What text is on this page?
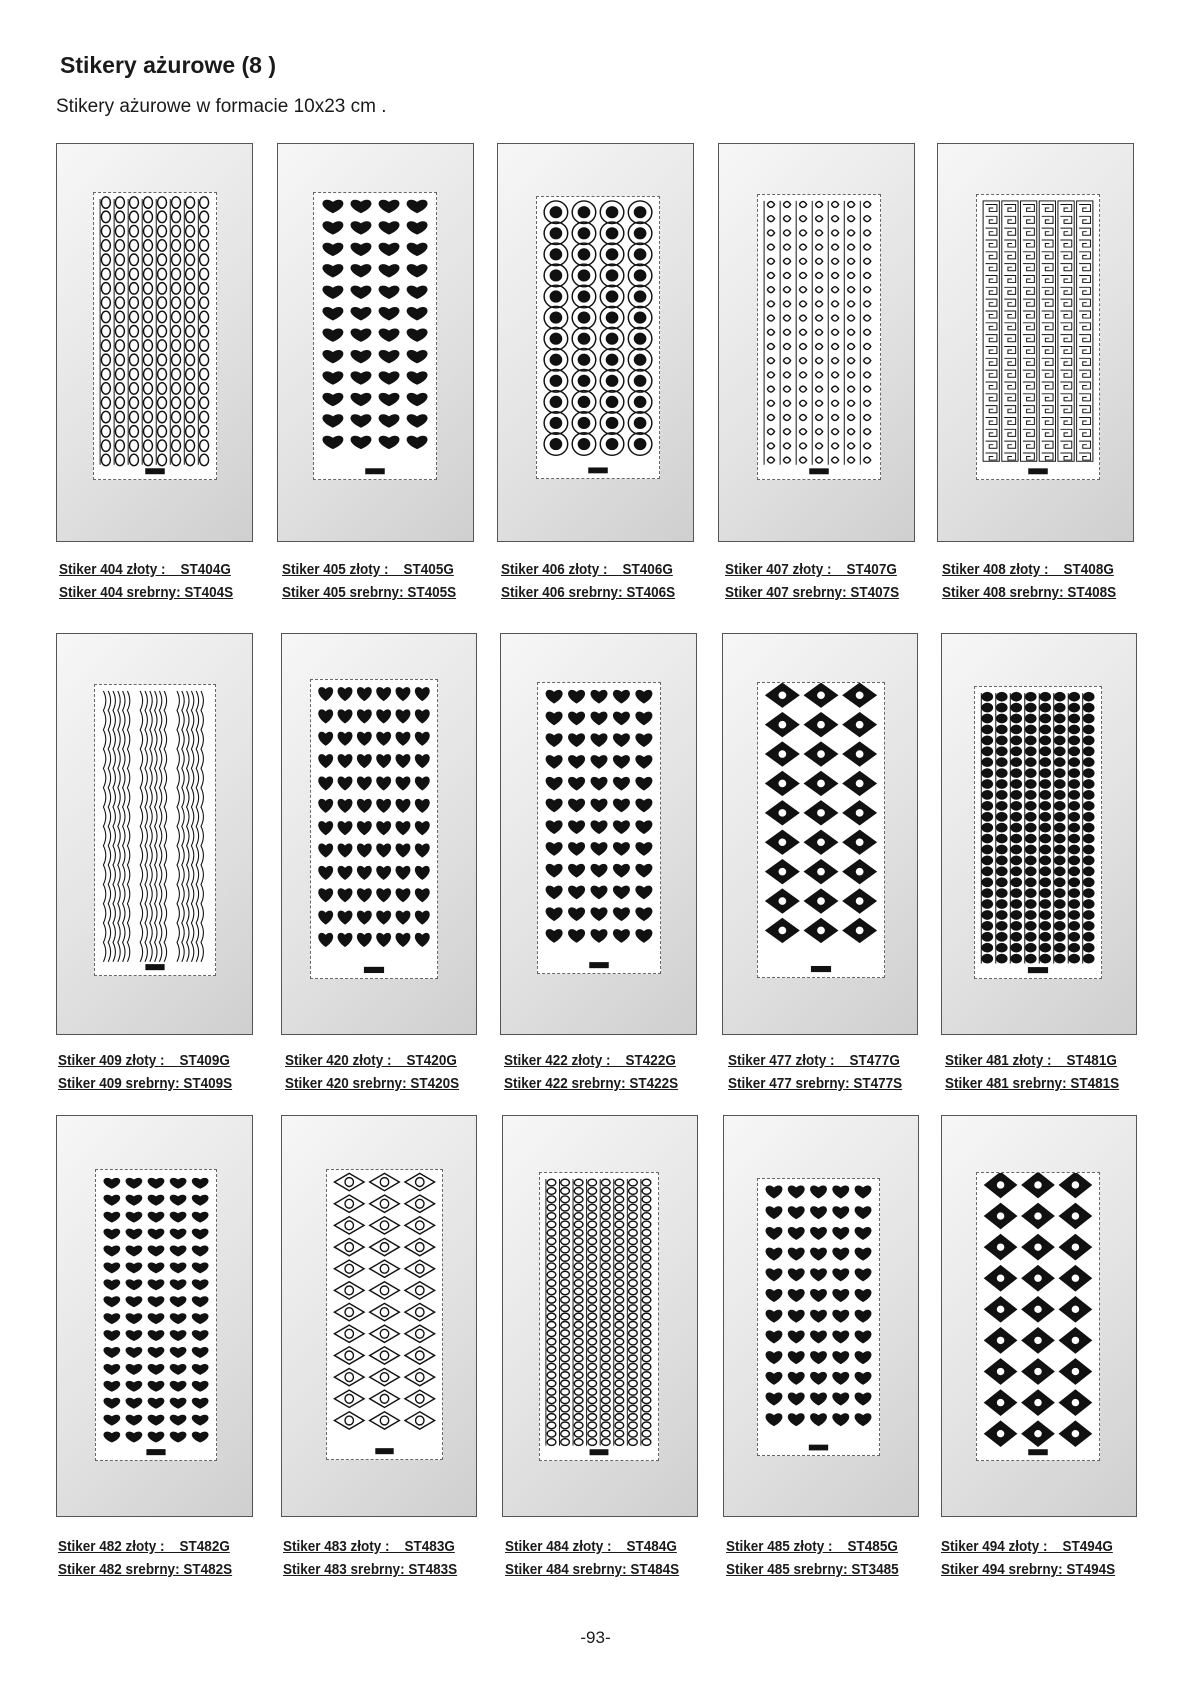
Stikery ażurowe (8 )
Stikery ażurowe w formacie 10x23 cm .
Stiker 404 złoty :    ST404G
Stiker 404 srebrny: ST404S
Stiker 405 złoty :    ST405G
Stiker 405 srebrny: ST405S
Stiker 406 złoty :    ST406G
Stiker 406 srebrny: ST406S
Stiker 407 złoty :    ST407G
Stiker 407 srebrny: ST407S
Stiker 408 złoty :    ST408G
Stiker 408 srebrny: ST408S
Stiker 409 złoty :    ST409G
Stiker 409 srebrny: ST409S
Stiker 420 złoty :    ST420G
Stiker 420 srebrny: ST420S
Stiker 422 złoty :    ST422G
Stiker 422 srebrny: ST422S
Stiker 477 złoty :    ST477G
Stiker 477 srebrny: ST477S
Stiker 481 złoty :    ST481G
Stiker 481 srebrny: ST481S
Stiker 482 złoty :    ST482G
Stiker 482 srebrny: ST482S
Stiker 483 złoty :    ST483G
Stiker 483 srebrny: ST483S
Stiker 484 złoty :    ST484G
Stiker 484 srebrny: ST484S
Stiker 485 złoty :    ST485G
Stiker 485 srebrny: ST3485
Stiker 494 złoty :    ST494G
Stiker 494 srebrny: ST494S
-93-
